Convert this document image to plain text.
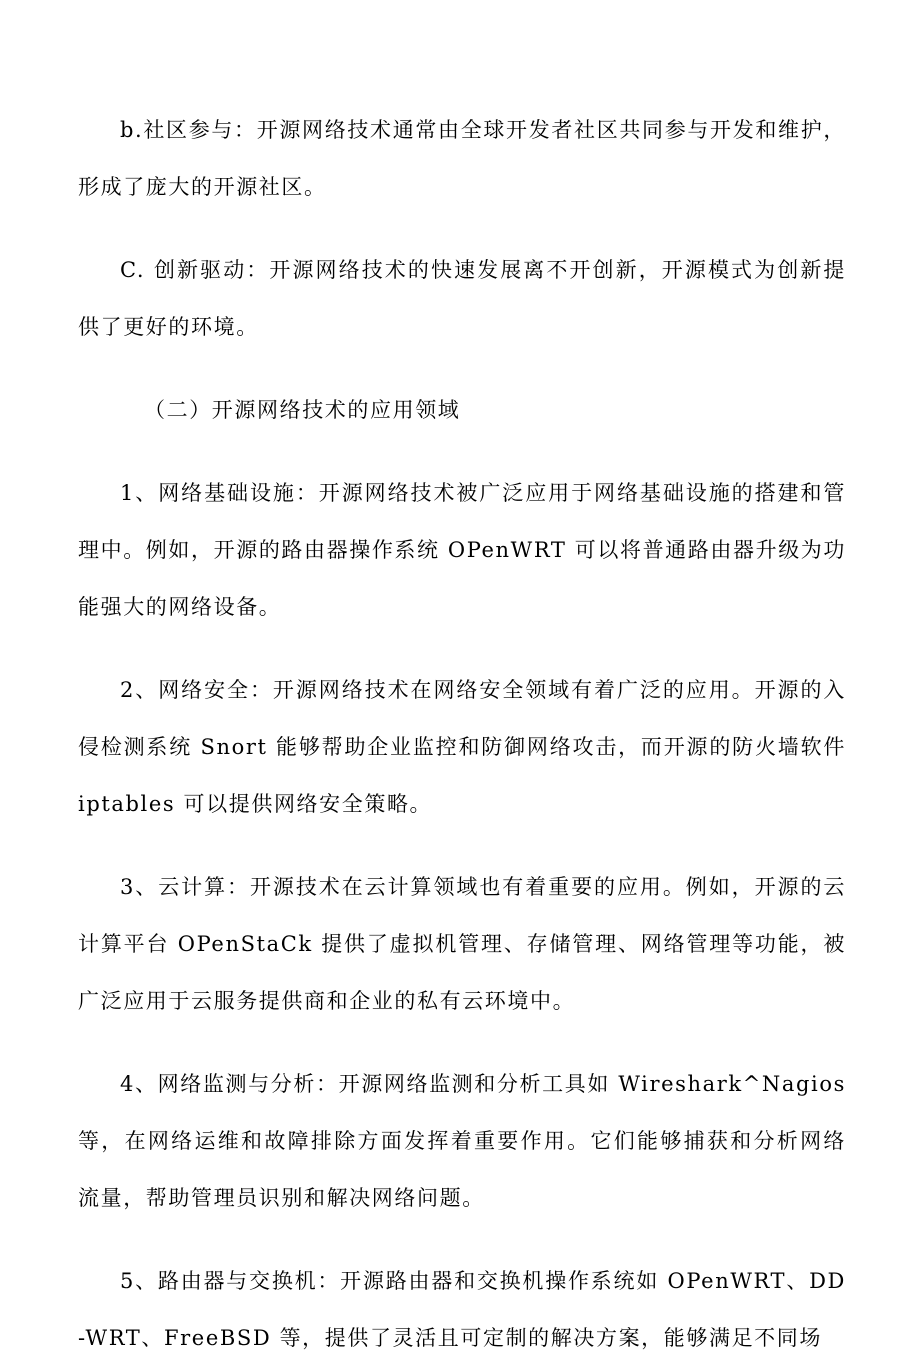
b.社区参与：开源网络技术通常由全球开发者社区共同参与开发和维护，形成了庞大的开源社区。

C. 创新驱动：开源网络技术的快速发展离不开创新，开源模式为创新提供了更好的环境。

（二）开源网络技术的应用领域

1、网络基础设施：开源网络技术被广泛应用于网络基础设施的搭建和管理中。例如，开源的路由器操作系统 OPenWRT 可以将普通路由器升级为功能强大的网络设备。

2、网络安全：开源网络技术在网络安全领域有着广泛的应用。开源的入侵检测系统 Snort 能够帮助企业监控和防御网络攻击，而开源的防火墙软件 iptables 可以提供网络安全策略。

3、云计算：开源技术在云计算领域也有着重要的应用。例如，开源的云计算平台 OPenStaCk 提供了虚拟机管理、存储管理、网络管理等功能，被广泛应用于云服务提供商和企业的私有云环境中。

4、网络监测与分析：开源网络监测和分析工具如 Wireshark^Nagios 等，在网络运维和故障排除方面发挥着重要作用。它们能够捕获和分析网络流量，帮助管理员识别和解决网络问题。

5、路由器与交换机：开源路由器和交换机操作系统如 OPenWRT、DD-WRT、FreeBSD 等，提供了灵活且可定制的解决方案，能够满足不同场
